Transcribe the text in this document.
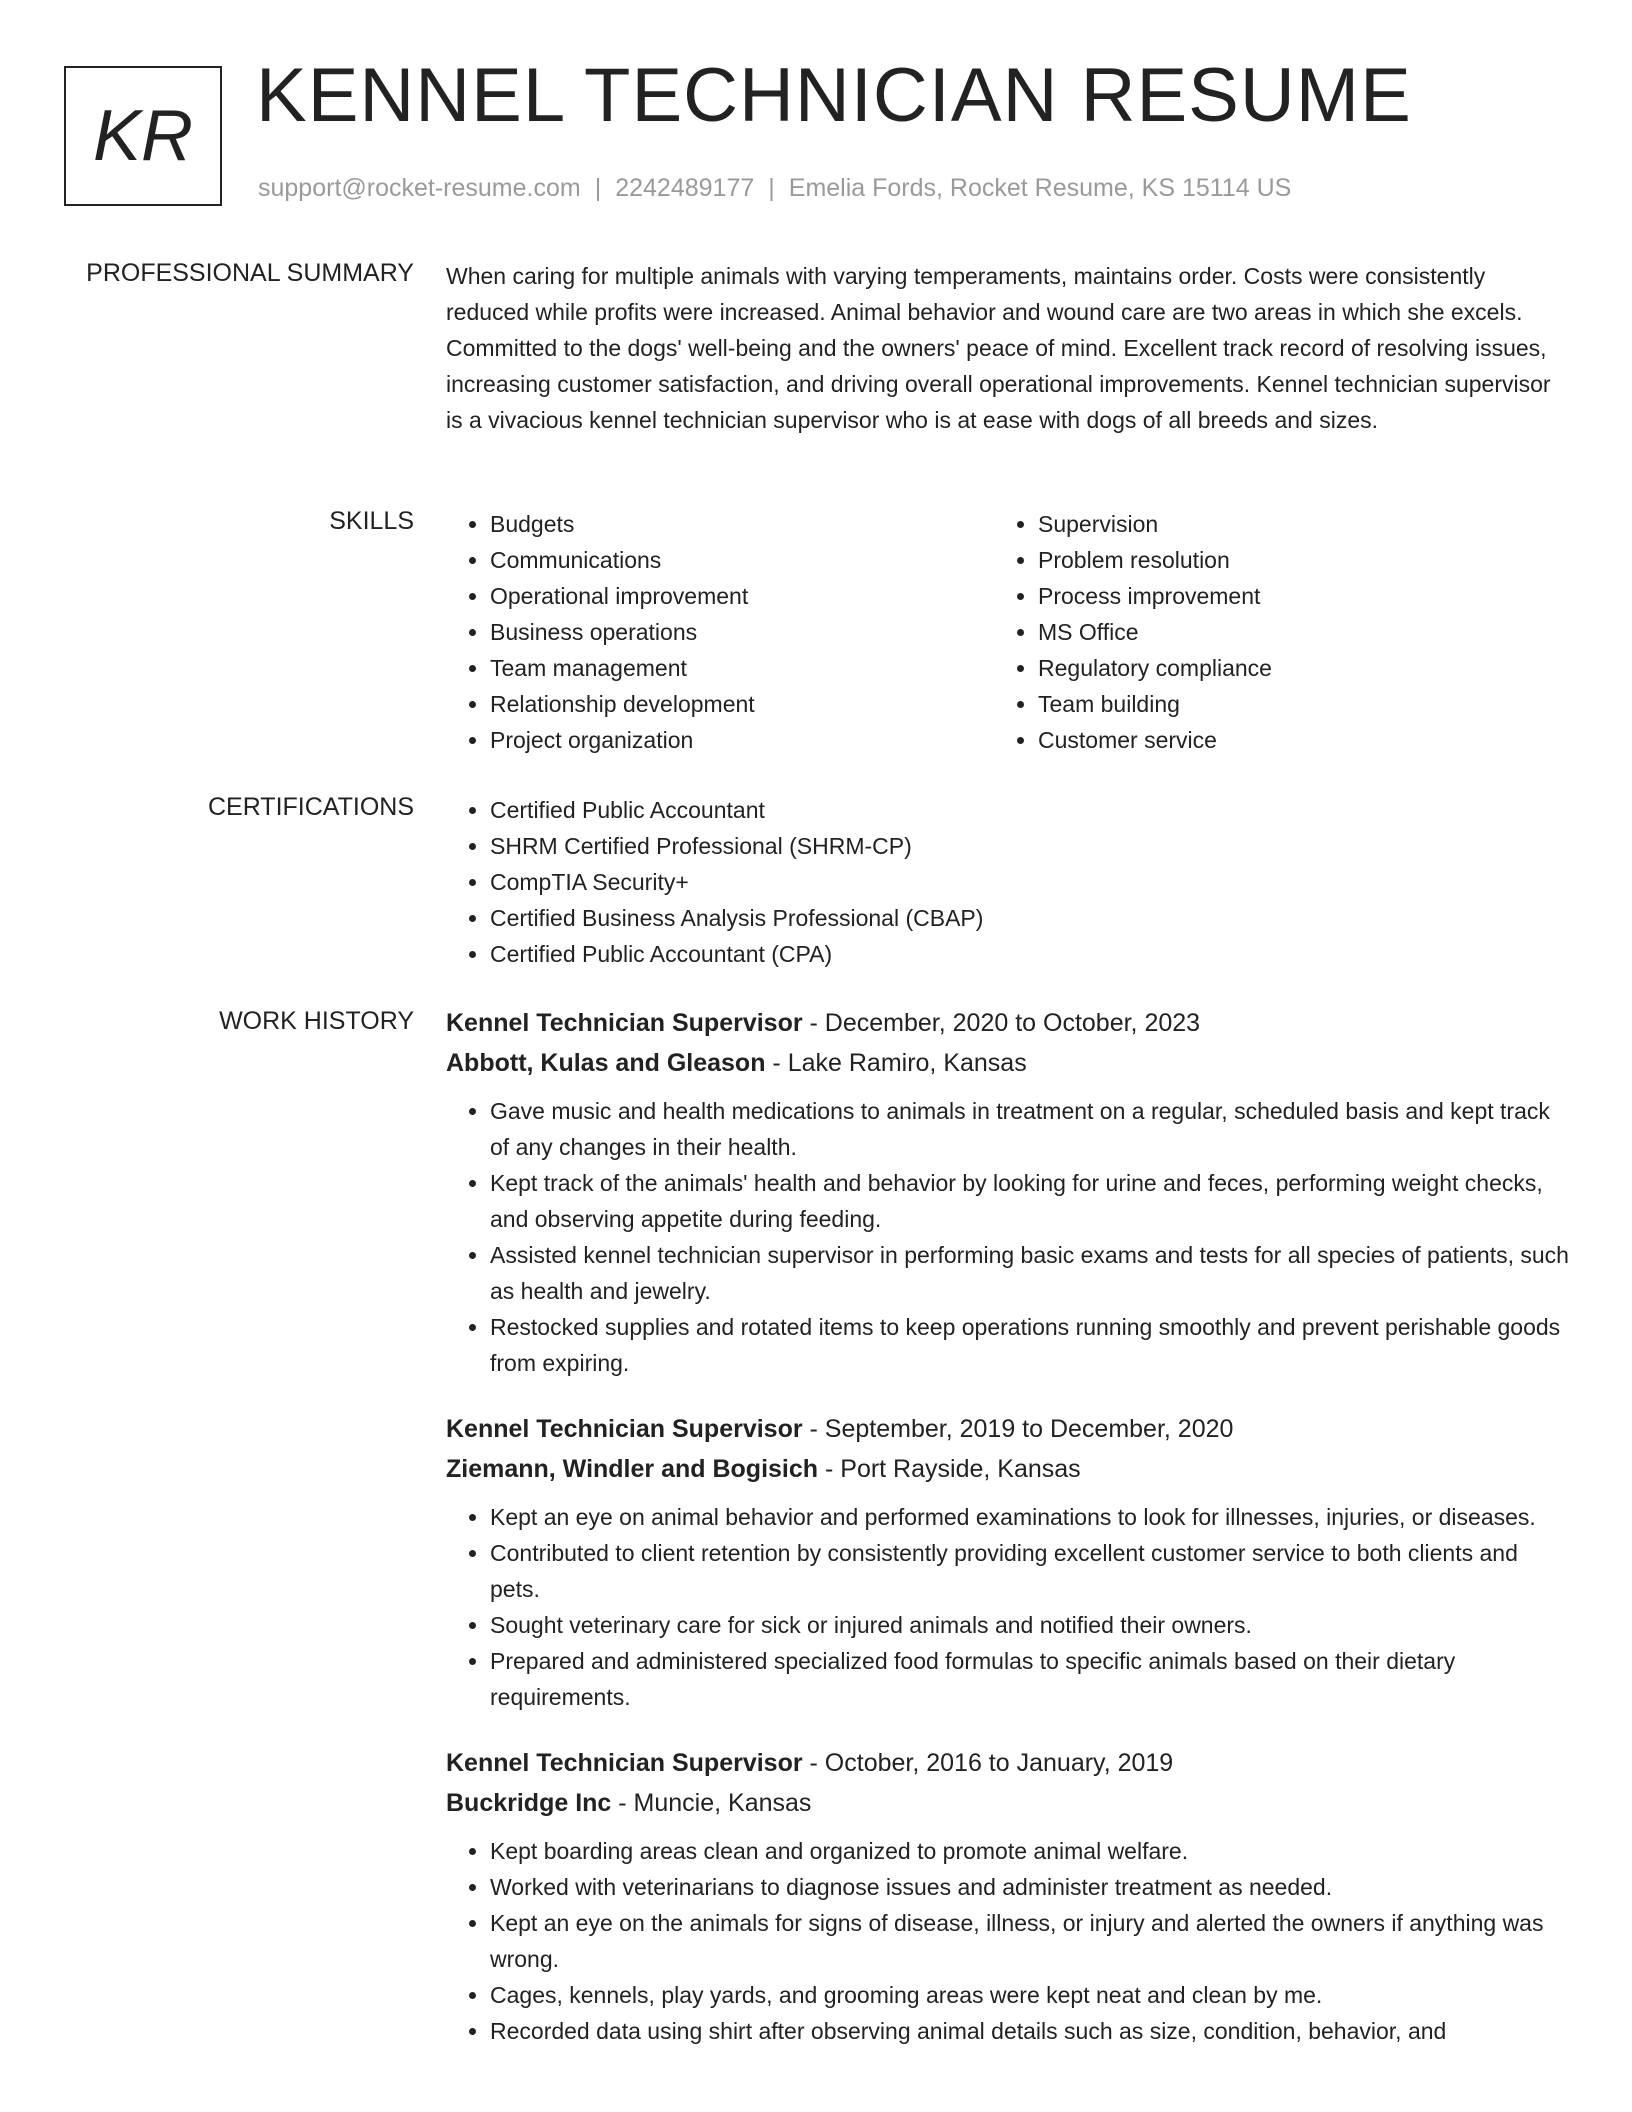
KR KENNEL TECHNICIAN RESUME
support@rocket-resume.com | 2242489177 | Emelia Fords, Rocket Resume, KS 15114 US
PROFESSIONAL SUMMARY When caring for multiple animals with varying temperaments, maintains order. Costs were consistently reduced while profits were increased. Animal behavior and wound care are two areas in which she excels. Committed to the dogs' well-being and the owners' peace of mind. Excellent track record of resolving issues, increasing customer satisfaction, and driving overall operational improvements. Kennel technician supervisor is a vivacious kennel technician supervisor who is at ease with dogs of all breeds and sizes.

SKILLS	• Budgets
• Communications
• Operational improvement
• Business operations
• Team management
• Relationship development
• Project organization
• Supervision
• Problem resolution
• Process improvement
• MS Office
• Regulatory compliance
• Team building
• Customer service
CERTIFICATIONS	• Certified Public Accountant
• SHRM Certified Professional (SHRM-CP)
• CompTIA Security+
• Certified Business Analysis Professional (CBAP)
• Certified Public Accountant (CPA)
WORK HISTORY Kennel Technician Supervisor - December, 2020 to October, 2023
Abbott, Kulas and Gleason - Lake Ramiro, Kansas
• Gave music and health medications to animals in treatment on a regular, scheduled basis and kept track of any changes in their health.
• Kept track of the animals' health and behavior by looking for urine and feces, performing weight checks, and observing appetite during feeding.
• Assisted kennel technician supervisor in performing basic exams and tests for all species of patients, such as health and jewelry.
• Restocked supplies and rotated items to keep operations running smoothly and prevent perishable goods from expiring.
Kennel Technician Supervisor - September, 2019 to December, 2020
Ziemann, Windler and Bogisich - Port Rayside, Kansas
• Kept an eye on animal behavior and performed examinations to look for illnesses, injuries, or diseases.
• Contributed to client retention by consistently providing excellent customer service to both clients and pets.
• Sought veterinary care for sick or injured animals and notified their owners.
• Prepared and administered specialized food formulas to specific animals based on their dietary requirements.
Kennel Technician Supervisor - October, 2016 to January, 2019
Buckridge Inc - Muncie, Kansas
• Kept boarding areas clean and organized to promote animal welfare.
• Worked with veterinarians to diagnose issues and administer treatment as needed.
• Kept an eye on the animals for signs of disease, illness, or injury and alerted the owners if anything was wrong.
• Cages, kennels, play yards, and grooming areas were kept neat and clean by me.
• Recorded data using shirt after observing animal details such as size, condition, behavior, and
